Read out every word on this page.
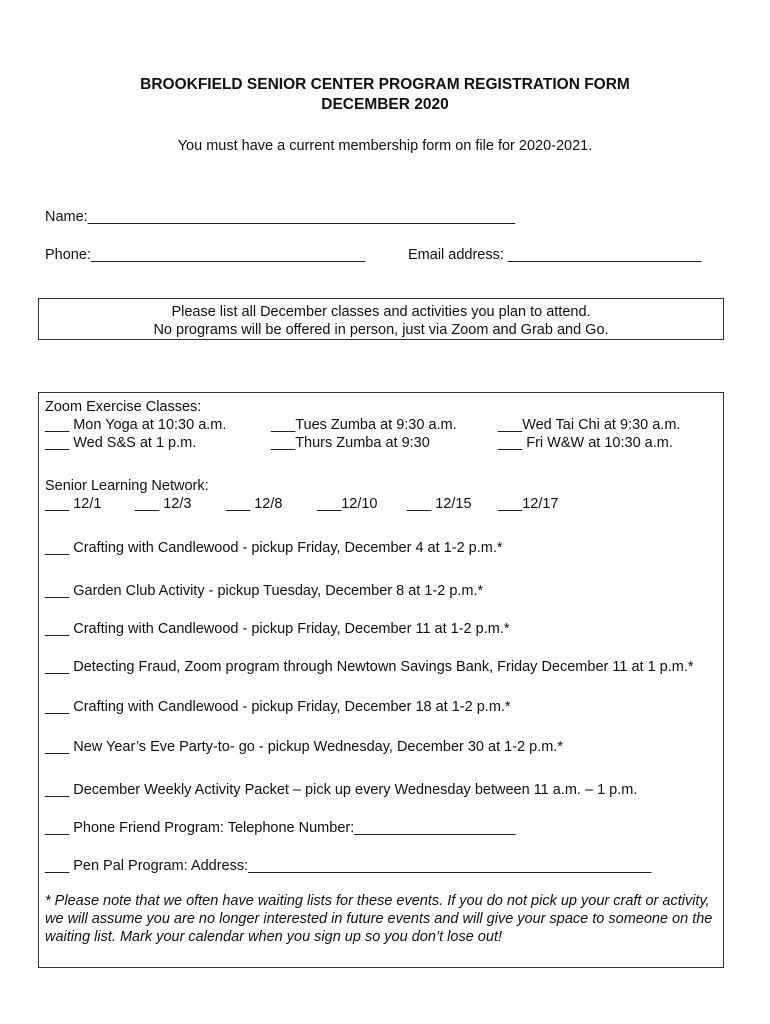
BROOKFIELD SENIOR CENTER PROGRAM REGISTRATION FORM
DECEMBER 2020
You must have a current membership form on file for 2020-2021.
Name:_____________________________________________________
Phone:__________________________________	Email address: ________________________
Please list all December classes and activities you plan to attend.
No programs will be offered in person, just via Zoom and Grab and Go.
Zoom Exercise Classes:
___ Mon Yoga at 10:30 a.m.
___ Wed S&S at 1 p.m.
___Tues Zumba at 9:30 a.m.
___Thurs Zumba at 9:30
___Wed Tai Chi at 9:30 a.m.
___ Fri W&W at 10:30 a.m.
Senior Learning Network:
___ 12/1 ___ 12/3 ___ 12/8 ___12/10 ___ 12/15 ___12/17
___ Crafting with Candlewood - pickup Friday, December 4 at 1-2 p.m.*
___ Garden Club Activity - pickup Tuesday, December 8 at 1-2 p.m.*
___ Crafting with Candlewood - pickup Friday, December 11 at 1-2 p.m.*
___ Detecting Fraud, Zoom program through Newtown Savings Bank, Friday December 11 at 1 p.m.*
___ Crafting with Candlewood - pickup Friday, December 18 at 1-2 p.m.*
___ New Year’s Eve Party-to- go - pickup Wednesday, December 30 at 1-2 p.m.*
___ December Weekly Activity Packet – pick up every Wednesday between 11 a.m. – 1 p.m.
___ Phone Friend Program: Telephone Number:____________________
___ Pen Pal Program: Address:__________________________________________________
* Please note that we often have waiting lists for these events. If you do not pick up your craft or activity, we will assume you are no longer interested in future events and will give your space to someone on the waiting list. Mark your calendar when you sign up so you don’t lose out!
